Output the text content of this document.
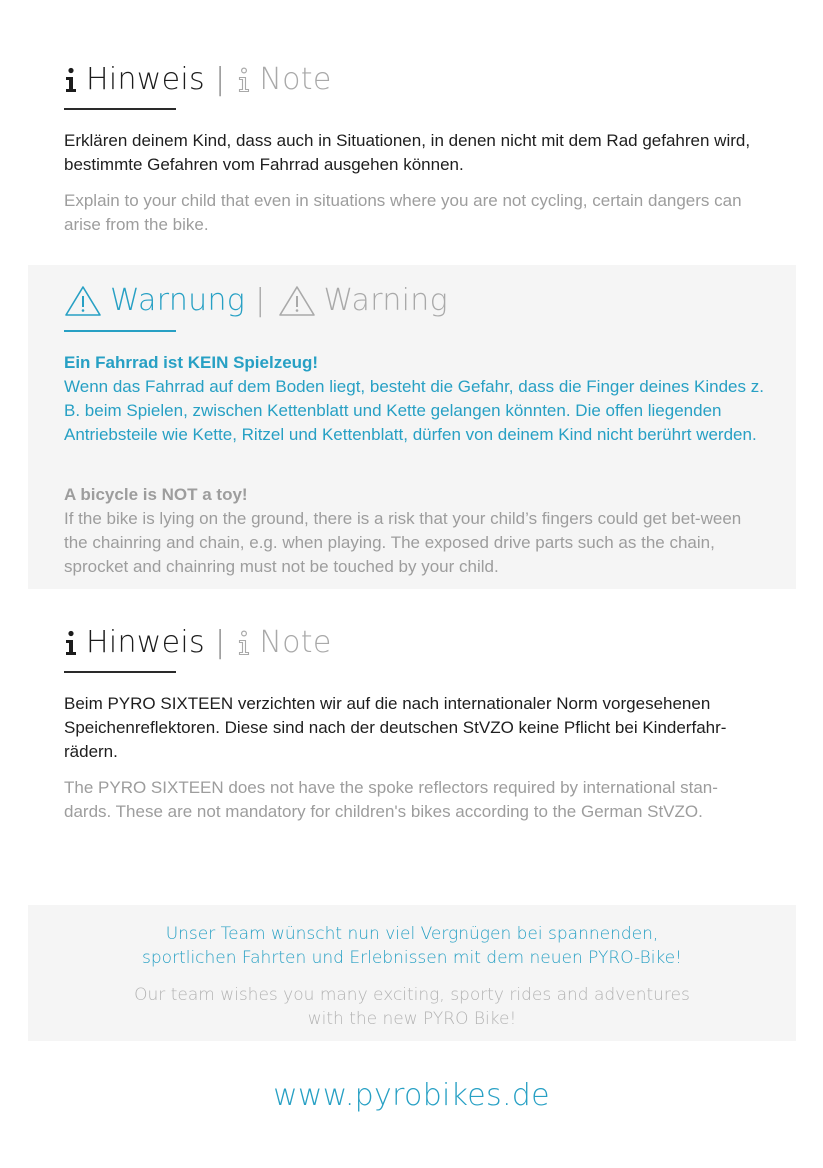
Hinweis | Note

Erklären deinem Kind, dass auch in Situationen, in denen nicht mit dem Rad gefahren wird, bestimmte Gefahren vom Fahrrad ausgehen können.

Explain to your child that even in situations where you are not cycling, certain dangers can arise from the bike.

Warnung | Warning

Ein Fahrrad ist KEIN Spielzeug!
Wenn das Fahrrad auf dem Boden liegt, besteht die Gefahr, dass die Finger deines Kindes z. B. beim Spielen, zwischen Kettenblatt und Kette gelangen könnten. Die offen liegenden Antriebsteile wie Kette, Ritzel und Kettenblatt, dürfen von deinem Kind nicht berührt werden.

A bicycle is NOT a toy!
If the bike is lying on the ground, there is a risk that your child’s fingers could get bet-ween the chainring and chain, e.g. when playing. The exposed drive parts such as the chain, sprocket and chainring must not be touched by your child.

Hinweis | Note

Beim PYRO SIXTEEN verzichten wir auf die nach internationaler Norm vorgesehenen Speichenreflektoren. Diese sind nach der deutschen StVZO keine Pflicht bei Kinderfahr-rädern.

The PYRO SIXTEEN does not have the spoke reflectors required by international stan-dards. These are not mandatory for children's bikes according to the German StVZO.

Unser Team wünscht nun viel Vergnügen bei spannenden,
sportlichen Fahrten und Erlebnissen mit dem neuen PYRO-Bike!

Our team wishes you many exciting, sporty rides and adventures
with the new PYRO Bike!

www.pyrobikes.de
